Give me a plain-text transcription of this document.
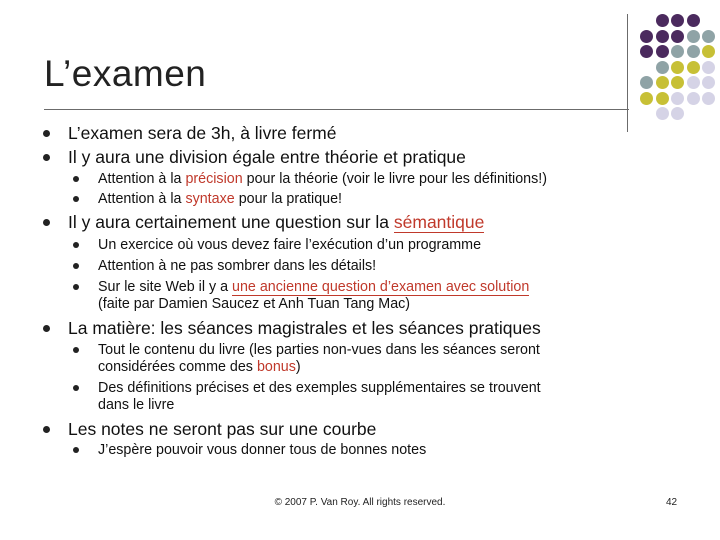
L’examen
L’examen sera de 3h, à livre fermé
Il y aura une division égale entre théorie et pratique
Attention à la précision pour la théorie (voir le livre pour les définitions!)
Attention à la syntaxe pour la pratique!
Il y aura certainement une question sur la sémantique
Un exercice où vous devez faire l’exécution d’un programme
Attention à ne pas sombrer dans les détails!
Sur le site Web il y a une ancienne question d’examen avec solution
(faite par Damien Saucez et Anh Tuan Tang Mac)
La matière: les séances magistrales et les séances pratiques
Tout le contenu du livre (les parties non-vues dans les séances seront
considérées comme des bonus)
Des définitions précises et des exemples supplémentaires se trouvent
dans le livre
Les notes ne seront pas sur une courbe
J’espère pouvoir vous donner tous de bonnes notes
© 2007 P. Van Roy. All rights reserved.	42
